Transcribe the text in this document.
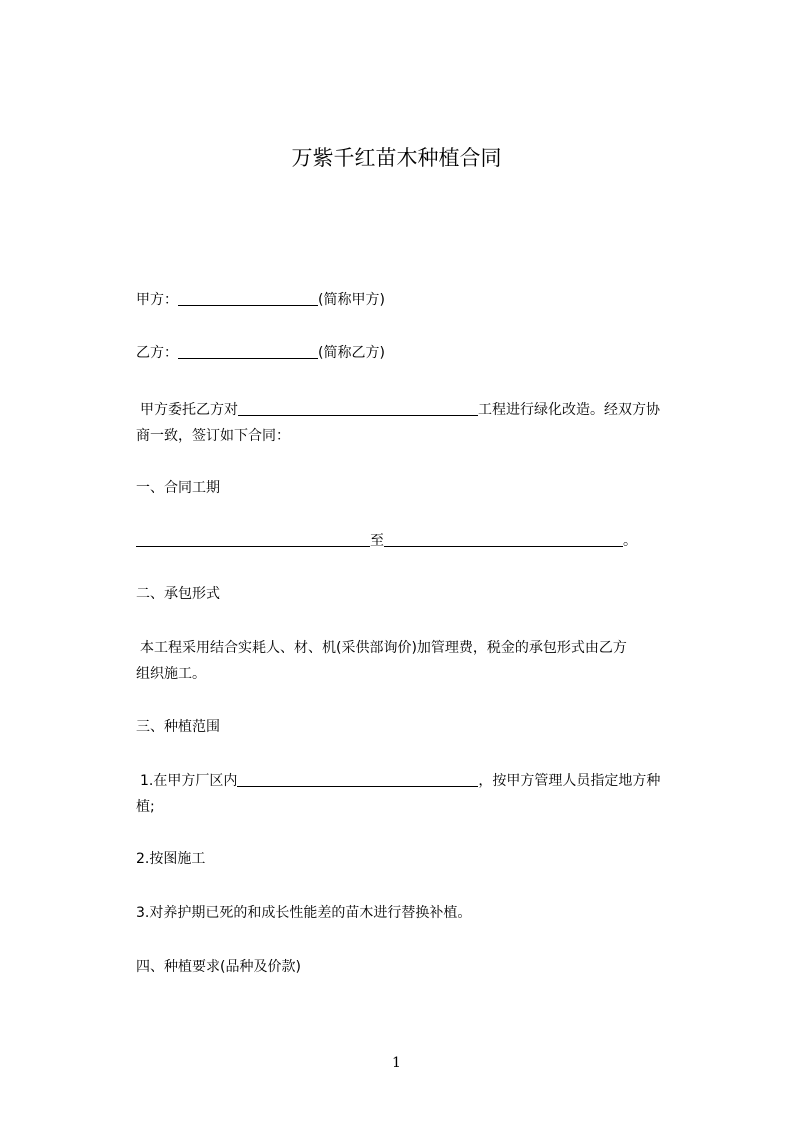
万紫千红苗木种植合同
甲方：	(简称甲方)
乙方：	(简称乙方)
甲方委托乙方对	工程进行绿化改造。经双方协
商一致，签订如下合同：
一、合同工期
至	。
二、承包形式
本工程采用结合实耗人、材、机(采供部询价)加管理费，税金的承包形式由乙方
组织施工。
三、种植范围
1.在甲方厂区内	，按甲方管理人员指定地方种
植;
2.按图施工
3.对养护期已死的和成长性能差的苗木进行替换补植。
四、种植要求(品种及价款)
1
